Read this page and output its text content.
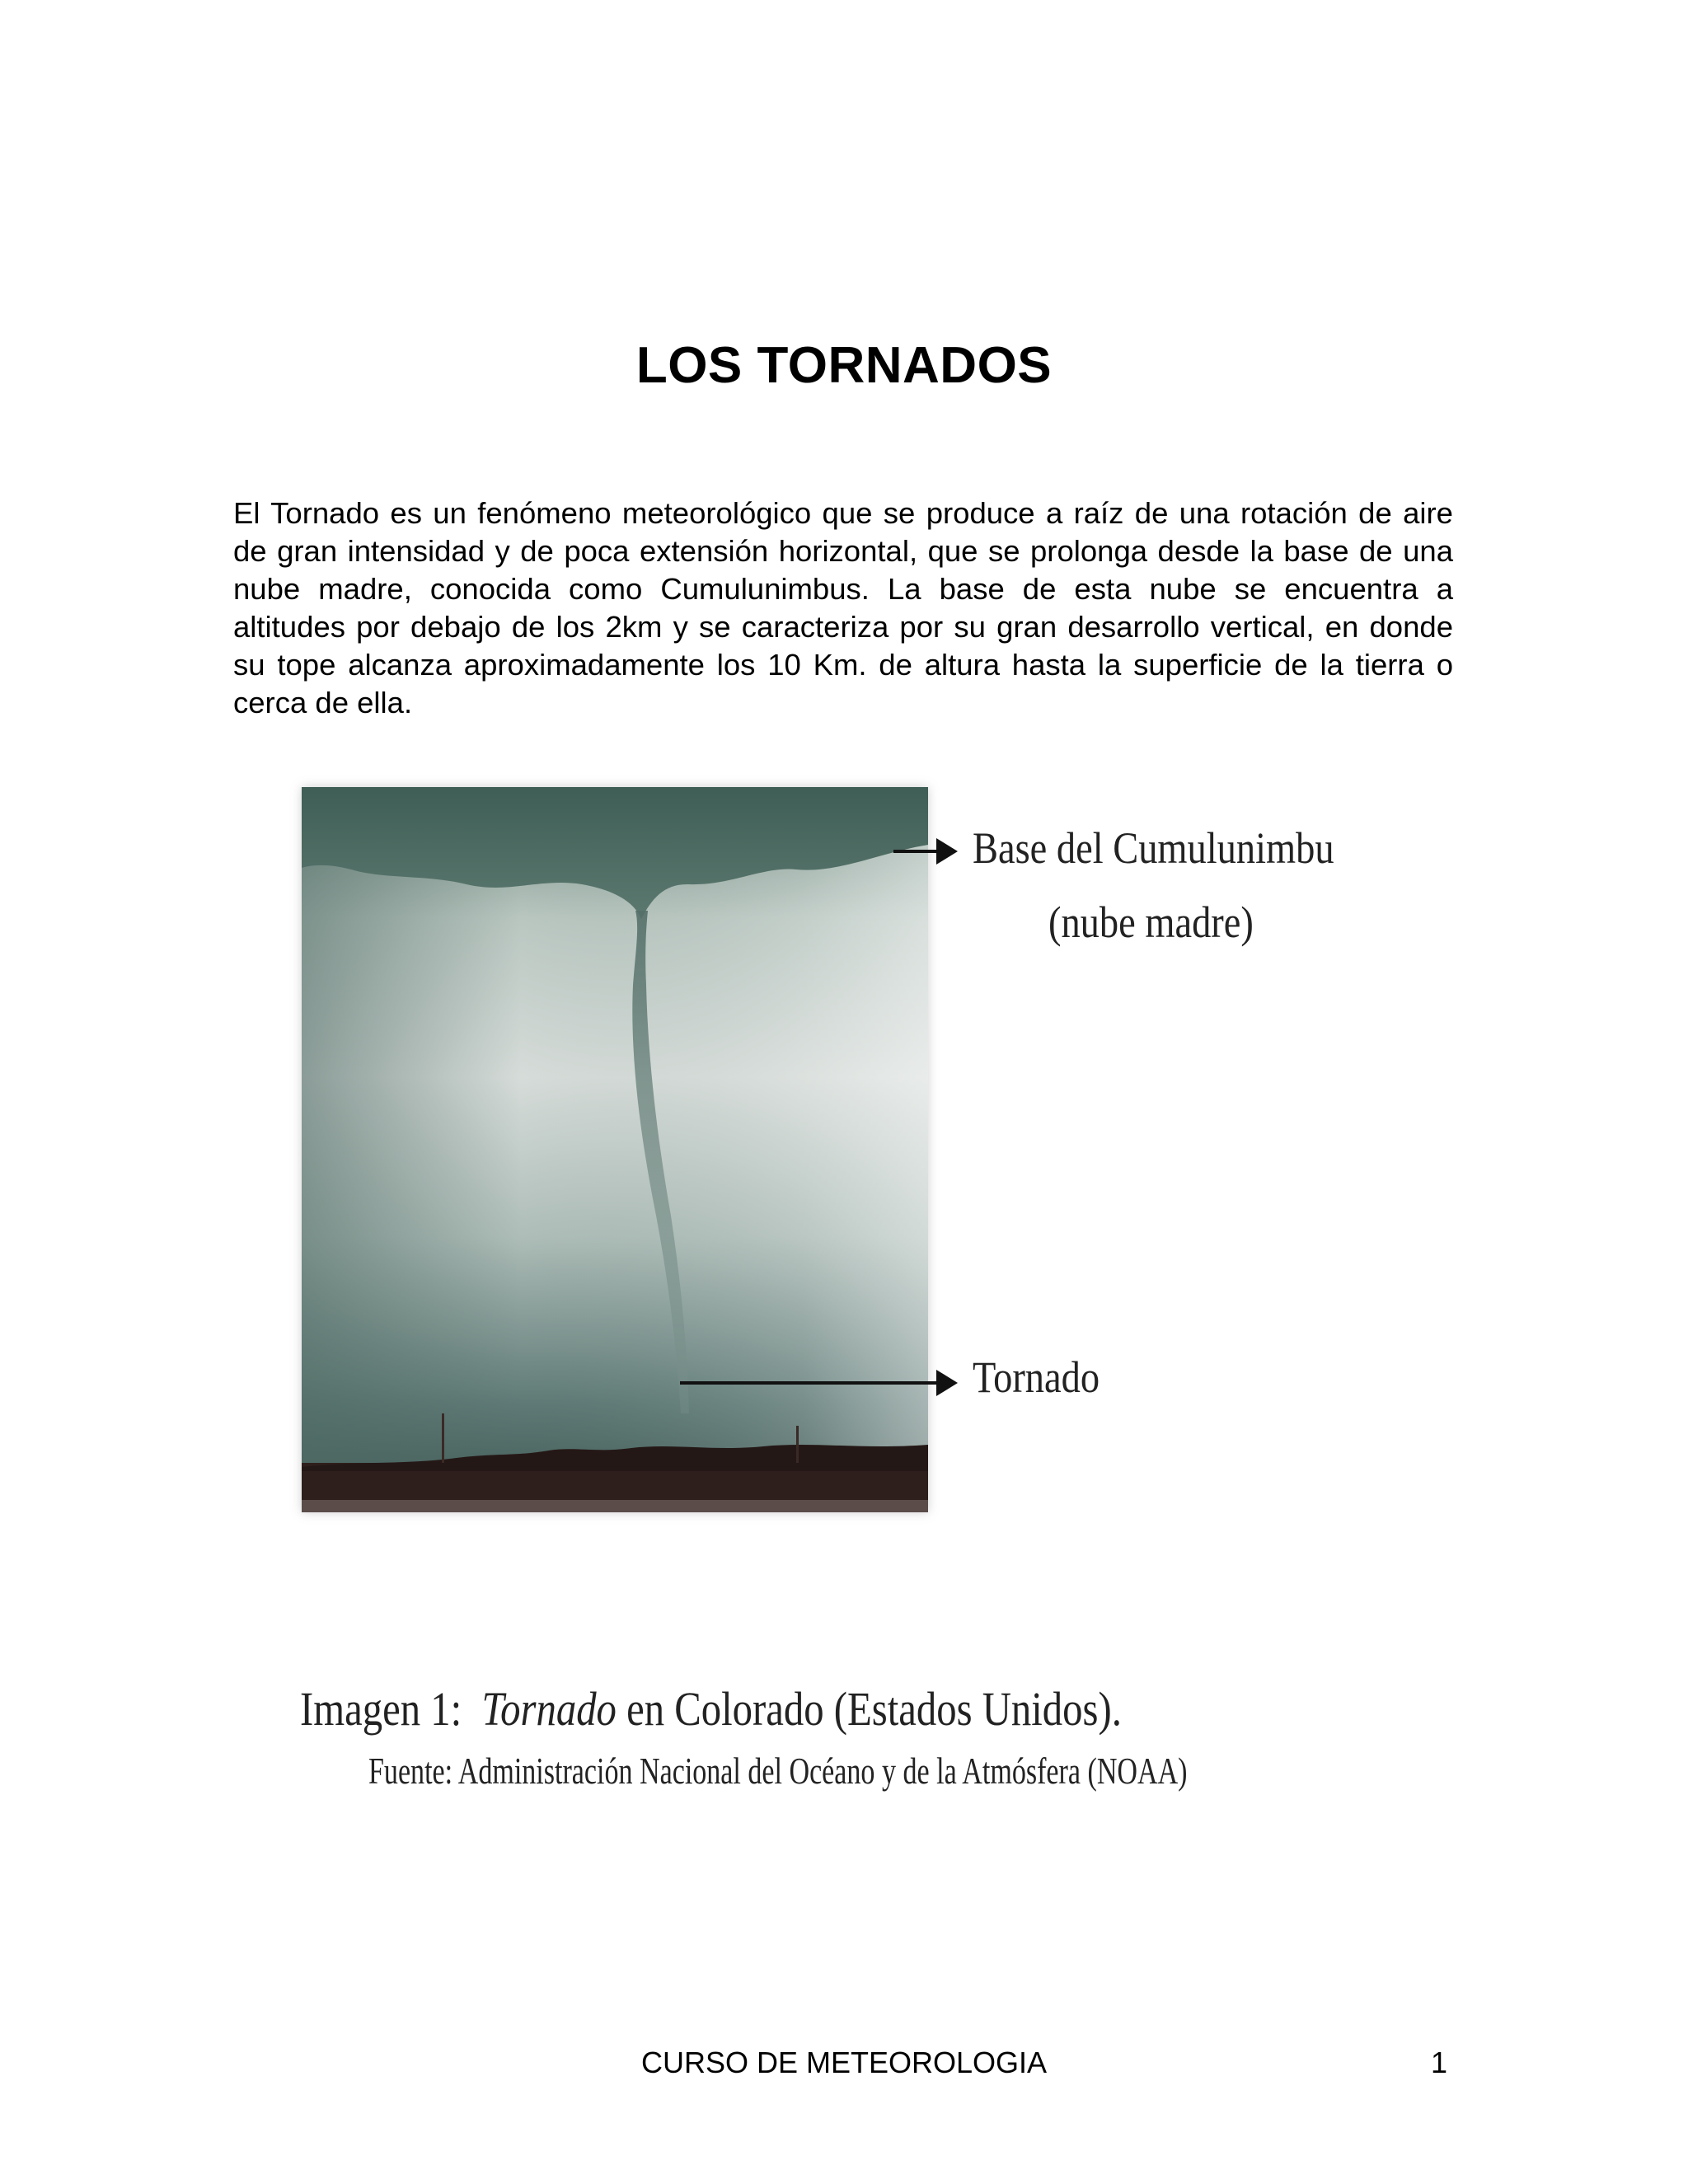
LOS TORNADOS

El Tornado es un fenómeno meteorológico que se produce a raíz de una rotación de aire de gran intensidad y de poca extensión horizontal, que se prolonga desde la base de una nube madre, conocida como Cumulunimbus. La base de esta nube se encuentra a altitudes por debajo de los 2km y se caracteriza por su gran desarrollo vertical, en donde su tope alcanza aproximadamente los 10 Km. de altura hasta la superficie de la tierra o cerca de ella.

Base del Cumulunimbu
(nube madre)
Tornado
Imagen 1: Tornado en Colorado (Estados Unidos).
Fuente: Administración Nacional del Océano y de la Atmósfera (NOAA)
CURSO DE METEOROLOGIA	1
